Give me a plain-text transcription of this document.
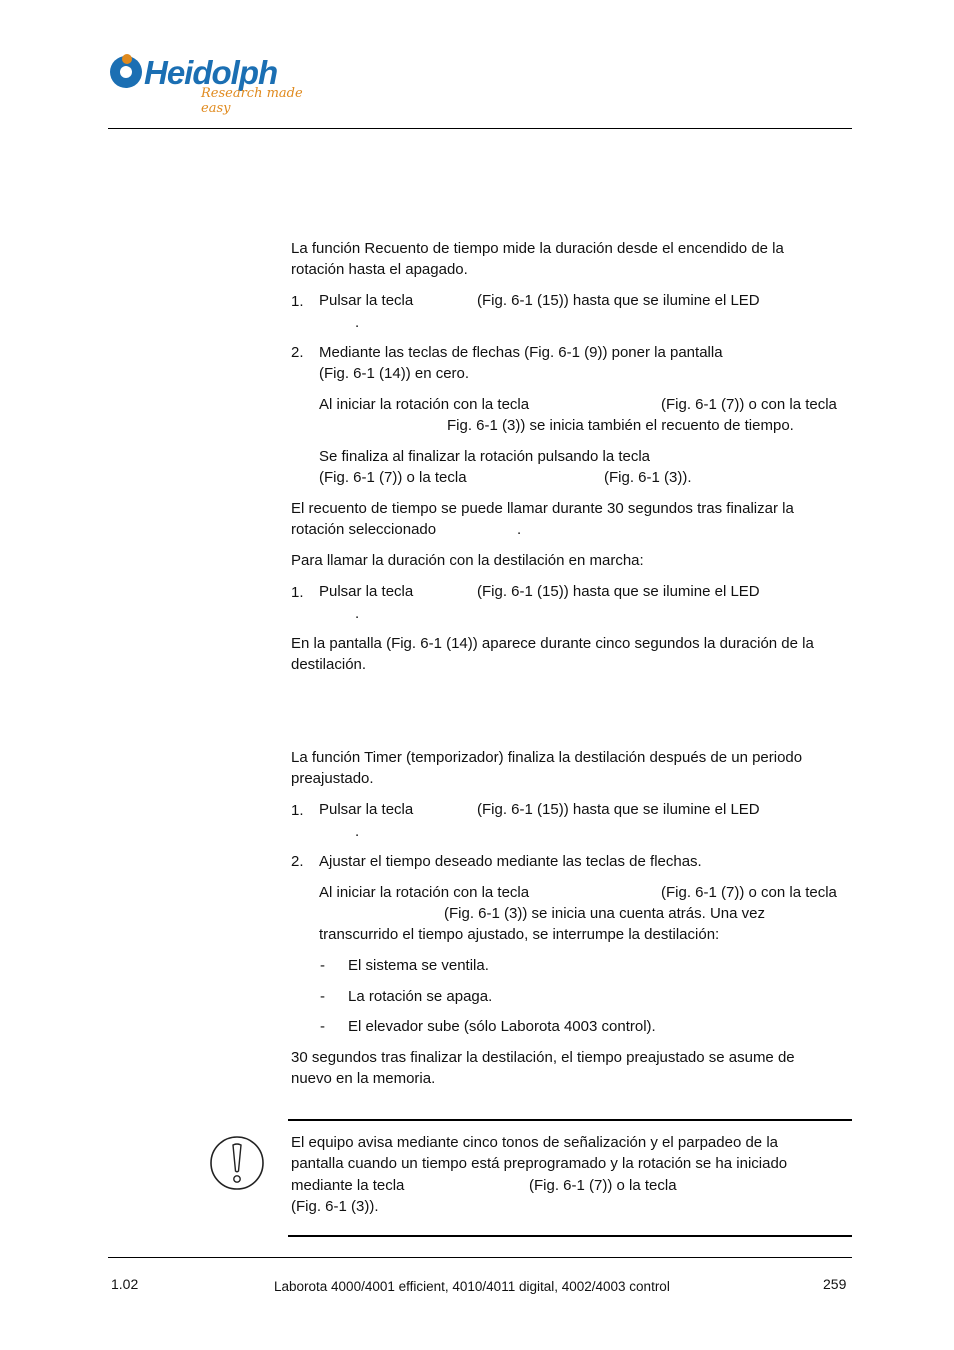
Heidolph
Research made easy
La función Recuento de tiempo mide la duración desde el encendido de la
rotación hasta el apagado.
1. Pulsar la tecla	(Fig. 6-1 (15)) hasta que se ilumine el LED
.
2. Mediante las teclas de flechas (Fig. 6-1 (9)) poner la pantalla
(Fig. 6-1 (14)) en cero.
Al iniciar la rotación con la tecla	(Fig. 6-1 (7)) o con la tecla
Fig. 6-1 (3)) se inicia también el recuento de tiempo.
Se finaliza al finalizar la rotación pulsando la tecla
(Fig. 6-1 (7)) o la tecla	(Fig. 6-1 (3)).
El recuento de tiempo se puede llamar durante 30 segundos tras finalizar la
rotación seleccionado	.
Para llamar la duración con la destilación en marcha:
1. Pulsar la tecla	(Fig. 6-1 (15)) hasta que se ilumine el LED
.
En la pantalla (Fig. 6-1 (14)) aparece durante cinco segundos la duración de la
destilación.
La función Timer (temporizador) finaliza la destilación después de un periodo
preajustado.
1. Pulsar la tecla	(Fig. 6-1 (15)) hasta que se ilumine el LED
.
2. Ajustar el tiempo deseado mediante las teclas de flechas.
Al iniciar la rotación con la tecla	(Fig. 6-1 (7)) o con la tecla
(Fig. 6-1 (3)) se inicia una cuenta atrás. Una vez
transcurrido el tiempo ajustado, se interrumpe la destilación:
- El sistema se ventila.
- La rotación se apaga.
- El elevador sube (sólo Laborota 4003 control).
30 segundos tras finalizar la destilación, el tiempo preajustado se asume de
nuevo en la memoria.
El equipo avisa mediante cinco tonos de señalización y el parpadeo de la
pantalla cuando un tiempo está preprogramado y la rotación se ha iniciado
mediante la tecla	(Fig. 6-1 (7)) o la tecla
(Fig. 6-1 (3)).
1.02	Laborota 4000/4001 efficient, 4010/4011 digital, 4002/4003 control	259
